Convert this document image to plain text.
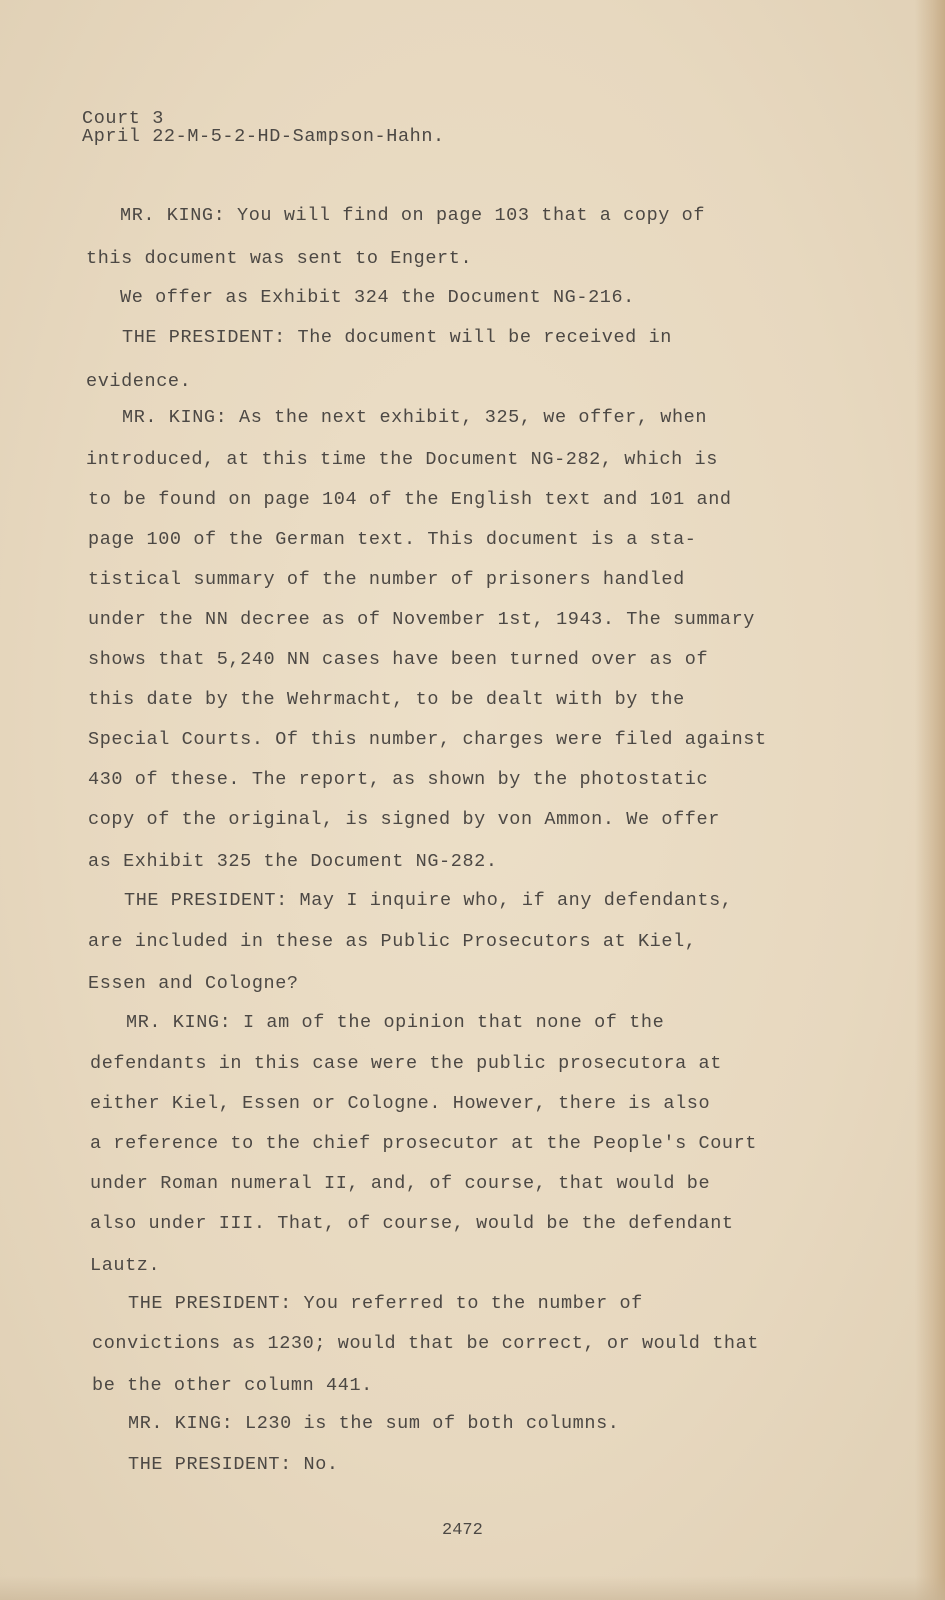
Court 3
April 22-M-5-2-HD-Sampson-Hahn.
MR. KING: You will find on page 103 that a copy of
this document was sent to Engert.
We offer as Exhibit 324 the Document NG-216.
THE PRESIDENT: The document will be received in
evidence.
MR. KING: As the next exhibit, 325, we offer, when
introduced, at this time the Document NG-282, which is
to be found on page 104 of the English text and 101 and
page 100 of the German text. This document is a sta-
tistical summary of the number of prisoners handled
under the NN decree as of November 1st, 1943. The summary
shows that 5,240 NN cases have been turned over as of
this date by the Wehrmacht, to be dealt with by the
Special Courts. Of this number, charges were filed against
430 of these. The report, as shown by the photostatic
copy of the original, is signed by von Ammon. We offer
as Exhibit 325 the Document NG-282.
THE PRESIDENT: May I inquire who, if any defendants,
are included in these as Public Prosecutors at Kiel,
Essen and Cologne?
MR. KING: I am of the opinion that none of the
defendants in this case were the public prosecutora at
either Kiel, Essen or Cologne. However, there is also
a reference to the chief prosecutor at the People's Court
under Roman numeral II, and, of course, that would be
also under III. That, of course, would be the defendant
Lautz.
THE PRESIDENT: You referred to the number of
convictions as 1230; would that be correct, or would that
be the other column 441.
MR. KING: L230 is the sum of both columns.
THE PRESIDENT: No.
2472
